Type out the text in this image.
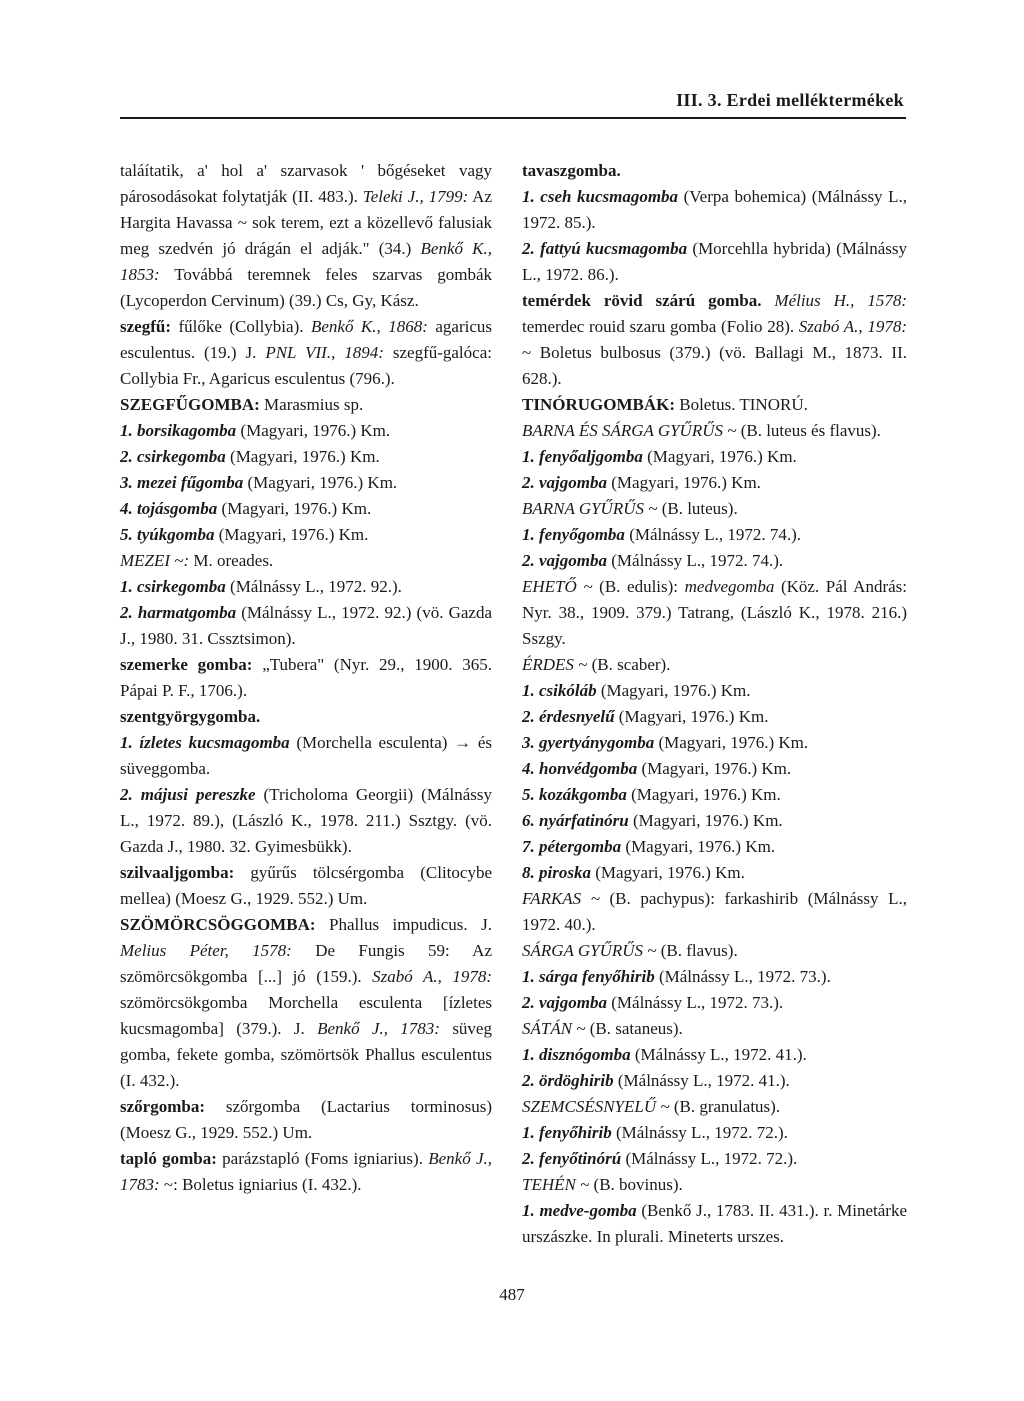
III. 3. Erdei melléktermékek

taláítatik, a' hol a' szarvasok ' bőgéseket vagy párosodásokat folytatják (II. 483.). Teleki J., 1799: Az Hargita Havassa ~ sok terem, ezt a közellevő falusiak meg szedvén jó drágán el adják." (34.) Benkő K., 1853: Továbbá teremnek feles szarvas gombák (Lycoperdon Cervinum) (39.) Cs, Gy, Kász.

szegfű: fűlőke (Collybia). Benkő K., 1868: agaricus esculentus. (19.) J. PNL VII., 1894: szegfű-galóca: Collybia Fr., Agaricus esculentus (796.).

SZEGFŰGOMBA: Marasmius sp.

1. borsikagomba (Magyari, 1976.) Km.

2. csirkegomba (Magyari, 1976.) Km.

3. mezei fűgomba (Magyari, 1976.) Km.

4. tojásgomba (Magyari, 1976.) Km.

5. tyúkgomba (Magyari, 1976.) Km.

MEZEI ~: M. oreades.

1. csirkegomba (Málnássy L., 1972. 92.).

2. harmatgomba (Málnássy L., 1972. 92.) (vö. Gazda J., 1980. 31. Cssztsimon).

szemerke gomba: „Tubera" (Nyr. 29., 1900. 365. Pápai P. F., 1706.).

szentgyörgygomba.

1. ízletes kucsmagomba (Morchella esculenta) → és süveggomba.

2. májusi pereszke (Tricholoma Georgii) (Málnássy L., 1972. 89.), (László K., 1978. 211.) Ssztgy. (vö. Gazda J., 1980. 32. Gyimesbükk).

szilvaaljgomba: gyűrűs tölcsérgomba (Clitocybe mellea) (Moesz G., 1929. 552.) Um.

SZÖMÖRCSÖGGOMBA: Phallus impudicus. J. Melius Péter, 1578: De Fungis 59: Az szömörcsökgomba [...] jó (159.). Szabó A., 1978: szömörcsökgomba Morchella esculenta [ízletes kucsmagomba] (379.). J. Benkő J., 1783: süveg gomba, fekete gomba, szömörtsök Phallus esculentus (I. 432.).

szőrgomba: szőrgomba (Lactarius torminosus) (Moesz G., 1929. 552.) Um.

tapló gomba: parázstapló (Foms igniarius). Benkő J., 1783: ~: Boletus igniarius (I. 432.).

tavaszgomba.

1. cseh kucsmagomba (Verpa bohemica) (Málnássy L., 1972. 85.).

2. fattyú kucsmagomba (Morcehlla hybrida) (Málnássy L., 1972. 86.).

temérdek rövid szárú gomba. Mélius H., 1578: temerdec rouid szaru gomba (Folio 28). Szabó A., 1978: ~ Boletus bulbosus (379.) (vö. Ballagi M., 1873. II. 628.).

TINÓRUGOMBÁK: Boletus. TINORÚ.

BARNA ÉS SÁRGA GYŰRŰS ~ (B. luteus és flavus).

1. fenyőaljgomba (Magyari, 1976.) Km.

2. vajgomba (Magyari, 1976.) Km.

BARNA GYŰRŰS ~ (B. luteus).

1. fenyőgomba (Málnássy L., 1972. 74.).

2. vajgomba (Málnássy L., 1972. 74.).

EHETŐ ~ (B. edulis): medvegomba (Köz. Pál András: Nyr. 38., 1909. 379.) Tatrang, (László K., 1978. 216.) Sszgy.

ÉRDES ~ (B. scaber).

1. csikóláb (Magyari, 1976.) Km.

2. érdesnyelű (Magyari, 1976.) Km.

3. gyertyánygomba (Magyari, 1976.) Km.

4. honvédgomba (Magyari, 1976.) Km.

5. kozákgomba (Magyari, 1976.) Km.

6. nyárfatinóru (Magyari, 1976.) Km.

7. pétergomba (Magyari, 1976.) Km.

8. piroska (Magyari, 1976.) Km.

FARKAS ~ (B. pachypus): farkashirib (Málnássy L., 1972. 40.).

SÁRGA GYŰRŰS ~ (B. flavus).

1. sárga fenyőhirib (Málnássy L., 1972. 73.).

2. vajgomba (Málnássy L., 1972. 73.).

SÁTÁN ~ (B. sataneus).

1. disznógomba (Málnássy L., 1972. 41.).

2. ördöghirib (Málnássy L., 1972. 41.).

SZEMCSÉSNYELŰ ~ (B. granulatus).

1. fenyőhirib (Málnássy L., 1972. 72.).

2. fenyőtinórú (Málnássy L., 1972. 72.).

TEHÉN ~ (B. bovinus).

1. medve-gomba (Benkő J., 1783. II. 431.). r. Minetárke urszászke. In plurali. Mineterts urszes.

487
